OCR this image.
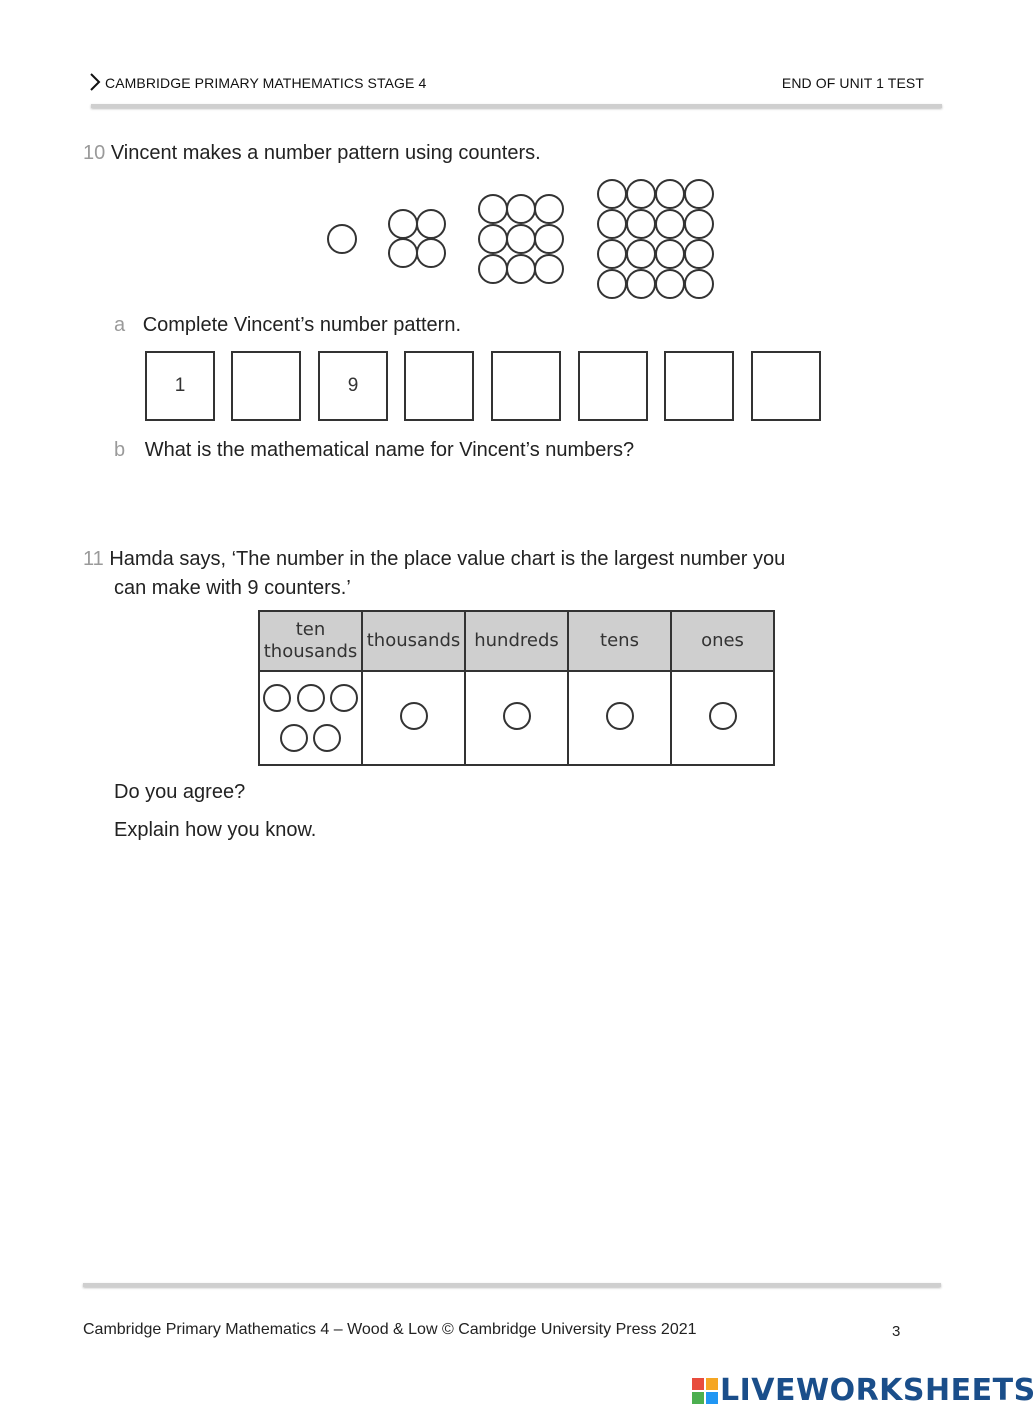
CAMBRIDGE PRIMARY MATHEMATICS STAGE 4	END OF UNIT 1 TEST
10 Vincent makes a number pattern using counters.
a Complete Vincent’s number pattern.
1	9
b What is the mathematical name for Vincent’s numbers?
11 Hamda says, ‘The number in the place value chart is the largest number you
can make with 9 counters.’
ten
thousands	thousands	hundreds	tens	ones

Do you agree?
Explain how you know.
Cambridge Primary Mathematics 4 – Wood & Low © Cambridge University Press 2021	3
LIVEWORKSHEETS
